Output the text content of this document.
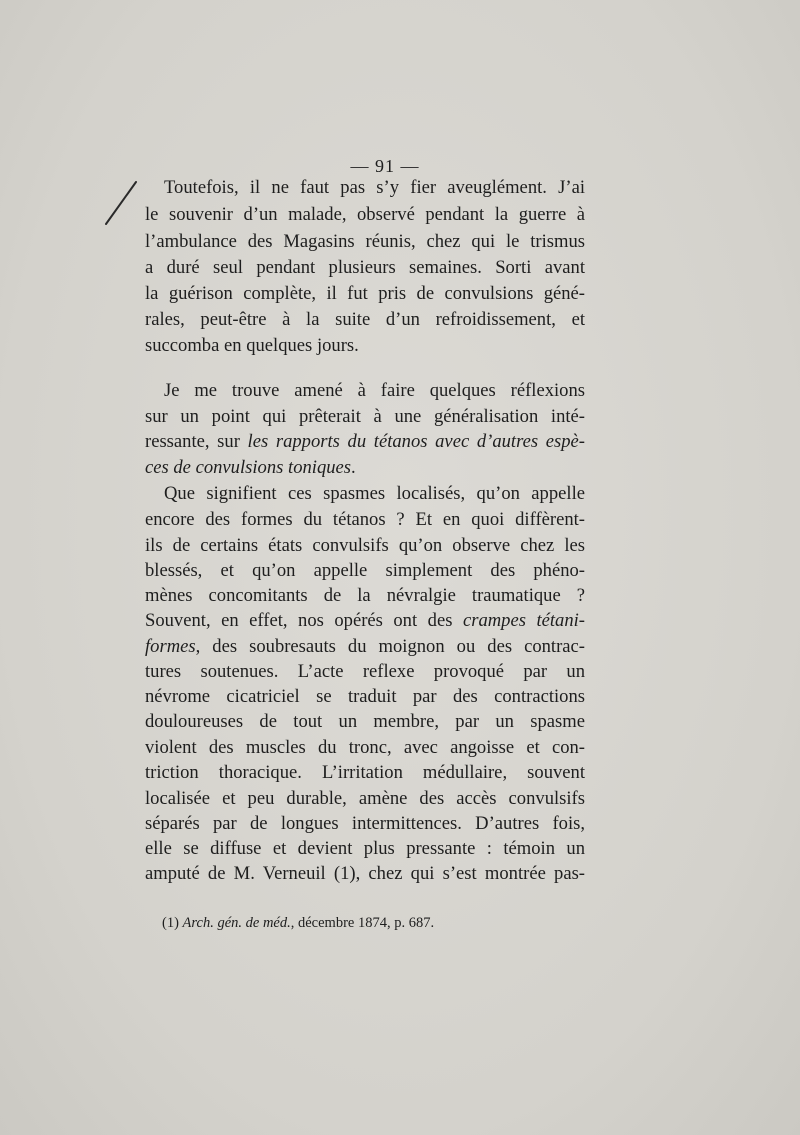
— 91 —
Toutefois, il ne faut pas s’y fier aveuglément. J’ai
le souvenir d’un malade, observé pendant la guerre à
l’ambulance des Magasins réunis, chez qui le trismus
a duré seul pendant plusieurs semaines. Sorti avant
la guérison complète, il fut pris de convulsions géné-
rales, peut-être à la suite d’un refroidissement, et
succomba en quelques jours.
Je me trouve amené à faire quelques réflexions
sur un point qui prêterait à une généralisation inté-
ressante, sur les rapports du tétanos avec d’autres espè-
ces de convulsions toniques.
Que signifient ces spasmes localisés, qu’on appelle
encore des formes du tétanos ? Et en quoi diffèrent-
ils de certains états convulsifs qu’on observe chez les
blessés, et qu’on appelle simplement des phéno-
mènes concomitants de la névralgie traumatique ?
Souvent, en effet, nos opérés ont des crampes tétani-
formes, des soubresauts du moignon ou des contrac-
tures soutenues. L’acte reflexe provoqué par un
névrome cicatriciel se traduit par des contractions
douloureuses de tout un membre, par un spasme
violent des muscles du tronc, avec angoisse et con-
triction thoracique. L’irritation médullaire, souvent
localisée et peu durable, amène des accès convulsifs
séparés par de longues intermittences. D’autres fois,
elle se diffuse et devient plus pressante : témoin un
amputé de M. Verneuil (1), chez qui s’est montrée pas-
(1) Arch. gén. de méd., décembre 1874, p. 687.
